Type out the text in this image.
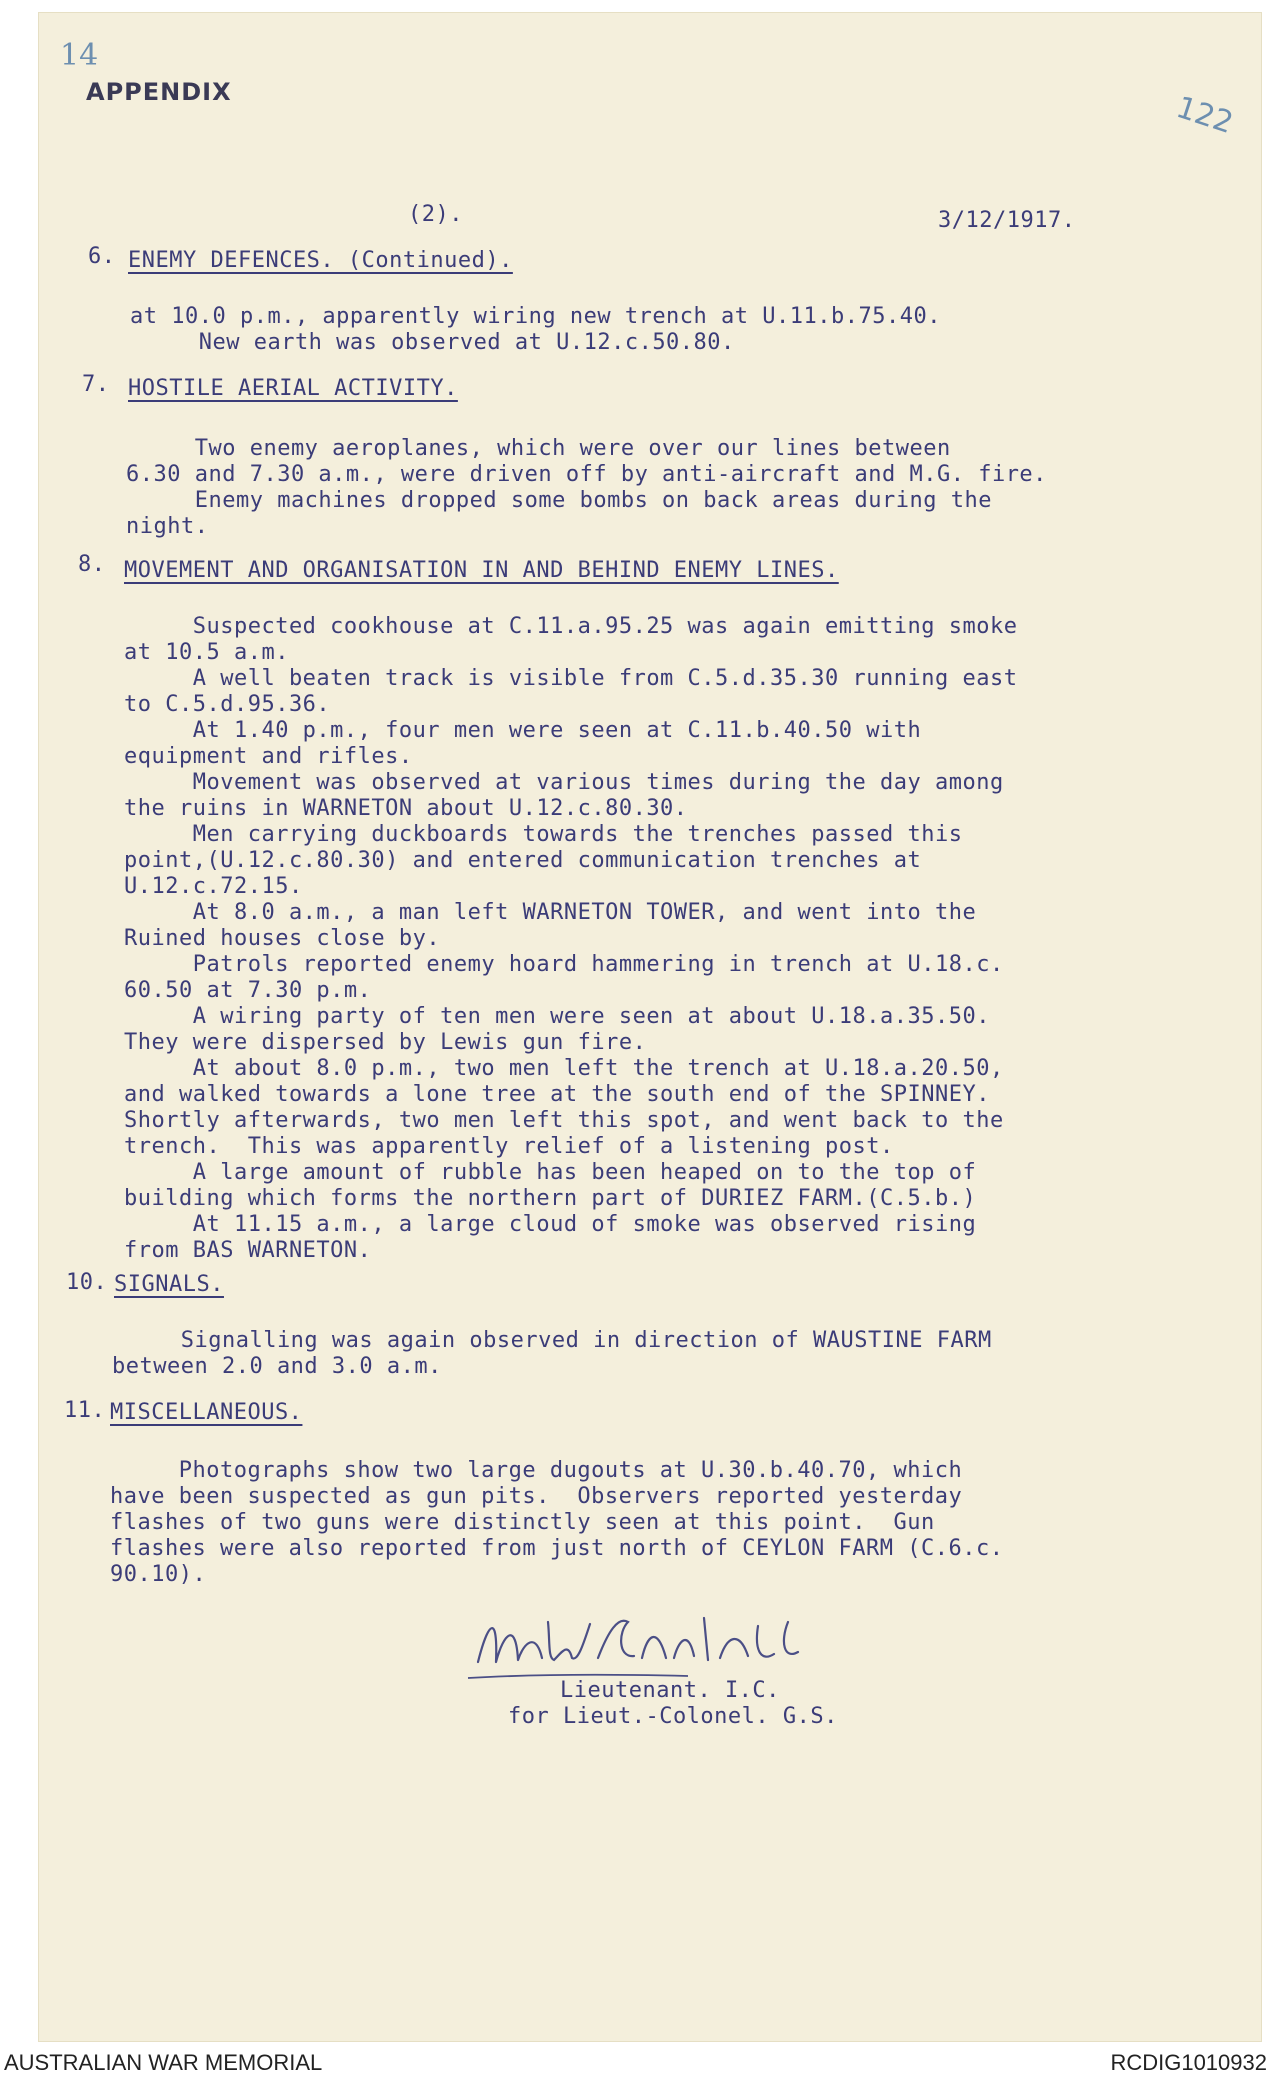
14
APPENDIX	122
(2).	3/12/1917.
6. ENEMY DEFENCES. (Continued).
at 10.0 p.m., apparently wiring new trench at U.11.b.75.40.
New earth was observed at U.12.c.50.80.
7. HOSTILE AERIAL ACTIVITY.
Two enemy aeroplanes, which were over our lines between
6.30 and 7.30 a.m., were driven off by anti-aircraft and M.G. fire.
Enemy machines dropped some bombs on back areas during the
night.
8. MOVEMENT AND ORGANISATION IN AND BEHIND ENEMY LINES.
Suspected cookhouse at C.11.a.95.25 was again emitting smoke
at 10.5 a.m.
A well beaten track is visible from C.5.d.35.30 running east
to C.5.d.95.36.
At 1.40 p.m., four men were seen at C.11.b.40.50 with
equipment and rifles.
Movement was observed at various times during the day among
the ruins in WARNETON about U.12.c.80.30.
Men carrying duckboards towards the trenches passed this
point,(U.12.c.80.30) and entered communication trenches at
U.12.c.72.15.
At 8.0 a.m., a man left WARNETON TOWER, and went into the
Ruined houses close by.
Patrols reported enemy hoard hammering in trench at U.18.c.
60.50 at 7.30 p.m.
A wiring party of ten men were seen at about U.18.a.35.50.
They were dispersed by Lewis gun fire.
At about 8.0 p.m., two men left the trench at U.18.a.20.50,
and walked towards a lone tree at the south end of the SPINNEY.
Shortly afterwards, two men left this spot, and went back to the
trench.  This was apparently relief of a listening post.
A large amount of rubble has been heaped on to the top of
building which forms the northern part of DURIEZ FARM.(C.5.b.)
At 11.15 a.m., a large cloud of smoke was observed rising
from BAS WARNETON.
10. SIGNALS.
Signalling was again observed in direction of WAUSTINE FARM
between 2.0 and 3.0 a.m.
11. MISCELLANEOUS.
Photographs show two large dugouts at U.30.b.40.70, which
have been suspected as gun pits.  Observers reported yesterday
flashes of two guns were distinctly seen at this point.  Gun
flashes were also reported from just north of CEYLON FARM (C.6.c.
90.10).
Lieutenant. I.C.
for Lieut.-Colonel. G.S.
AUSTRALIAN WAR MEMORIAL	RCDIG1010932
